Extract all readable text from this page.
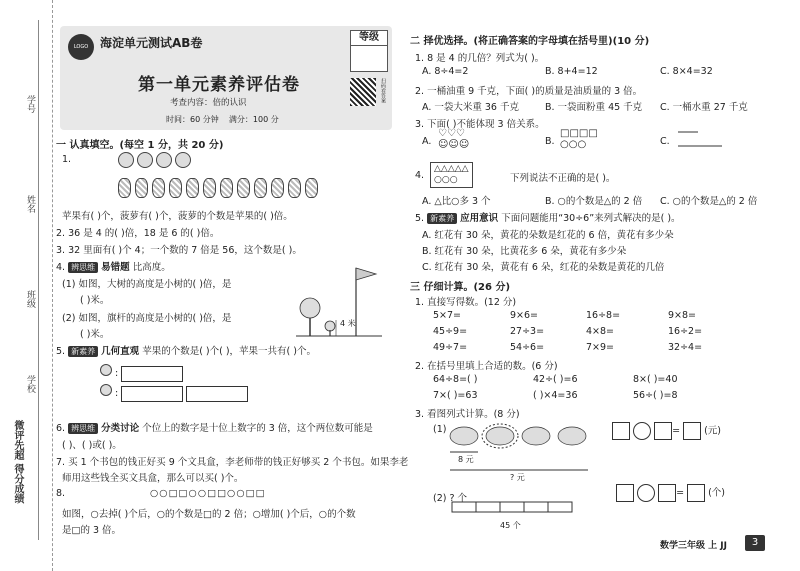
学号
姓名
班级
学校
微评先超 得分成绩
LOGO 海淀单元测试AB卷
第一单元素养评估卷
考查内容：倍的认识
时间：60 分钟 满分：100 分
等级
扫码看答案
一 认真填空。(每空 1 分，共 20 分)
1.
苹果有( )个，菠萝有( )个，菠萝的个数是苹果的( )倍。
2. 36 是 4 的( )倍，18 是 6 的( )倍。
3. 32 里面有( )个 4；一个数的 7 倍是 56，这个数是( )。
4. 辨思维 易错题 比高度。
(1) 如图，大树的高度是小树的( )倍，是
( )米。
(2) 如图，旗杆的高度是小树的( )倍，是
( )米。
4 米
5. 新素养 几何直观 苹果的个数是( )个( )，苹果一共有( )个。
:
:
6. 辨思维 分类讨论 个位上的数字是十位上数字的 3 倍，这个两位数可能是
( )、( )或( )。
7. 买 1 个书包的钱正好买 9 个文具盒，李老师带的钱正好够买 2 个书包。如果李老
师用这些钱全买文具盒，那么可以买( )个。
8.	○○□□○○□□○○□□
如图，○去掉( )个后，○的个数是□的 2 倍；○增加( )个后，○的个数
是□的 3 倍。
二 择优选择。(将正确答案的字母填在括号里)(10 分)
1. 8 是 4 的几倍？列式为( )。
A. 8÷4=2	B. 8+4=12	C. 8×4=32
2. 一桶油重 9 千克，下面( )的质量是油质量的 3 倍。
A. 一袋大米重 36 千克	B. 一袋面粉重 45 千克 C. 一桶水重 27 千克
3. 下面( )不能体现 3 倍关系。
A.
♡♡♡
☺☺☺	B.
□□□□
○○○	C.
4.
△△△△△
○○○	下列说法不正确的是( )。
A. △比○多 3 个	B. ○的个数是△的 2 倍 C. ○的个数是△的 2 倍
5. 新素养 应用意识 下面问题能用“30÷6”来列式解决的是( )。
A. 红花有 30 朵，黄花的朵数是红花的 6 倍，黄花有多少朵
B. 红花有 30 朵，比黄花多 6 朵，黄花有多少朵
C. 红花有 30 朵，黄花有 6 朵，红花的朵数是黄花的几倍
三 仔细计算。(26 分)
1. 直接写得数。(12 分)
5×7=	9×6=	16÷8=	9×8=
45÷9=	27÷3=	4×8=	16÷2=
49÷7=	54÷6=	7×9=	32÷4=
2. 在括号里填上合适的数。(6 分)
64÷8=( )	42÷( )=6	8×( )=40
7×( )=63	( )×4=36	56÷( )=8
3. 看图列式计算。(8 分)
(1)
8 元
? 元
=  (元)
(2) ? 个
45 个
=  (个)
数学三年级 上 JJ	3
